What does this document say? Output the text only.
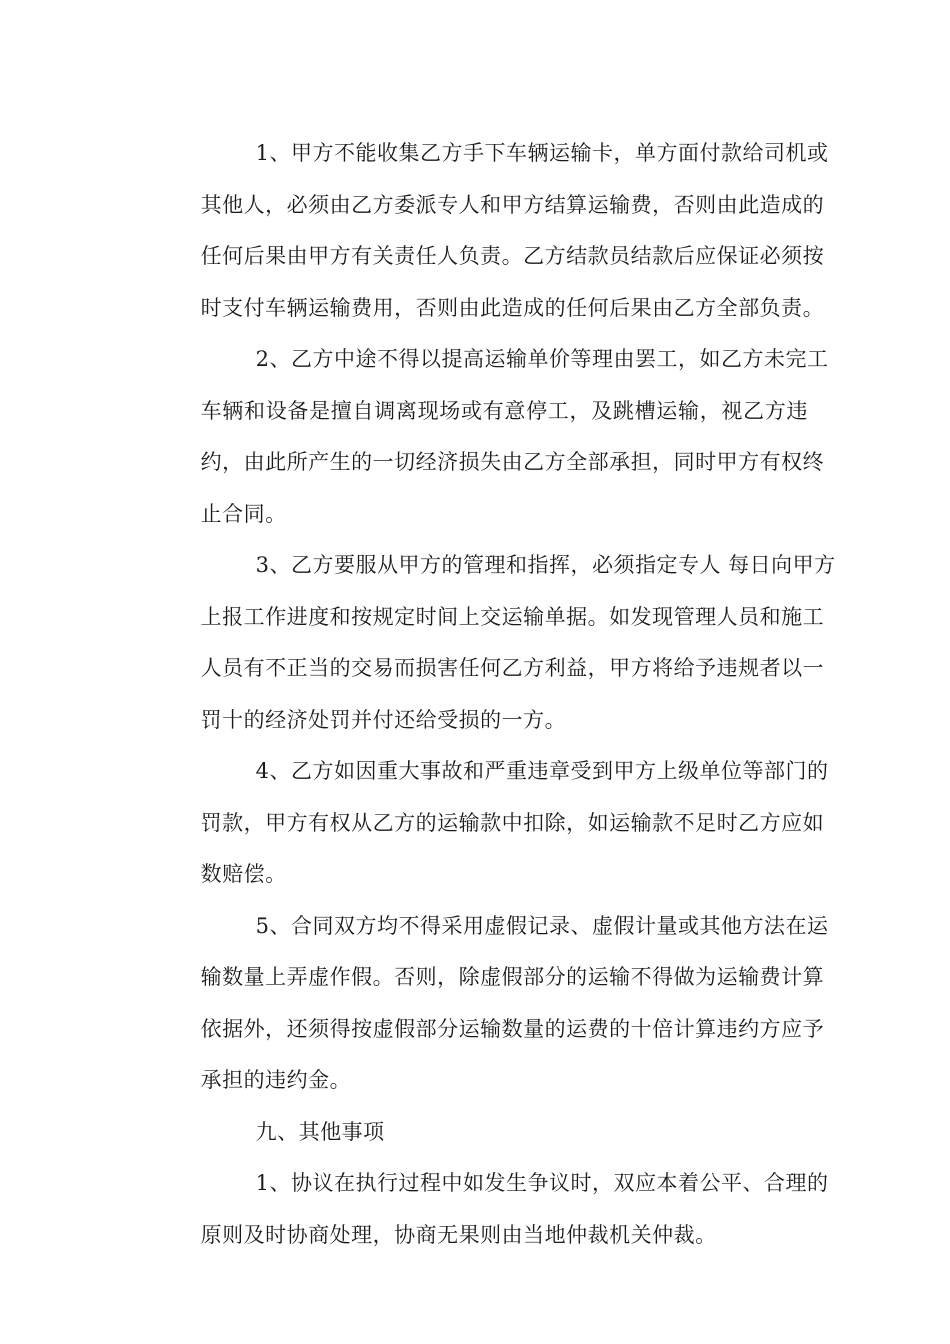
1、甲方不能收集乙方手下车辆运输卡，单方面付款给司机或
其他人，必须由乙方委派专人和甲方结算运输费，否则由此造成的
任何后果由甲方有关责任人负责。乙方结款员结款后应保证必须按
时支付车辆运输费用，否则由此造成的任何后果由乙方全部负责。
2、乙方中途不得以提高运输单价等理由罢工，如乙方未完工
车辆和设备是擅自调离现场或有意停工，及跳槽运输，视乙方违
约，由此所产生的一切经济损失由乙方全部承担，同时甲方有权终
止合同。
3、乙方要服从甲方的管理和指挥，必须指定专人 每日向甲方
上报工作进度和按规定时间上交运输单据。如发现管理人员和施工
人员有不正当的交易而损害任何乙方利益，甲方将给予违规者以一
罚十的经济处罚并付还给受损的一方。
4、乙方如因重大事故和严重违章受到甲方上级单位等部门的
罚款，甲方有权从乙方的运输款中扣除，如运输款不足时乙方应如
数赔偿。
5、合同双方均不得采用虚假记录、虚假计量或其他方法在运
输数量上弄虚作假。否则，除虚假部分的运输不得做为运输费计算
依据外，还须得按虚假部分运输数量的运费的十倍计算违约方应予
承担的违约金。
九、其他事项
1、协议在执行过程中如发生争议时，双应本着公平、合理的
原则及时协商处理，协商无果则由当地仲裁机关仲裁。
